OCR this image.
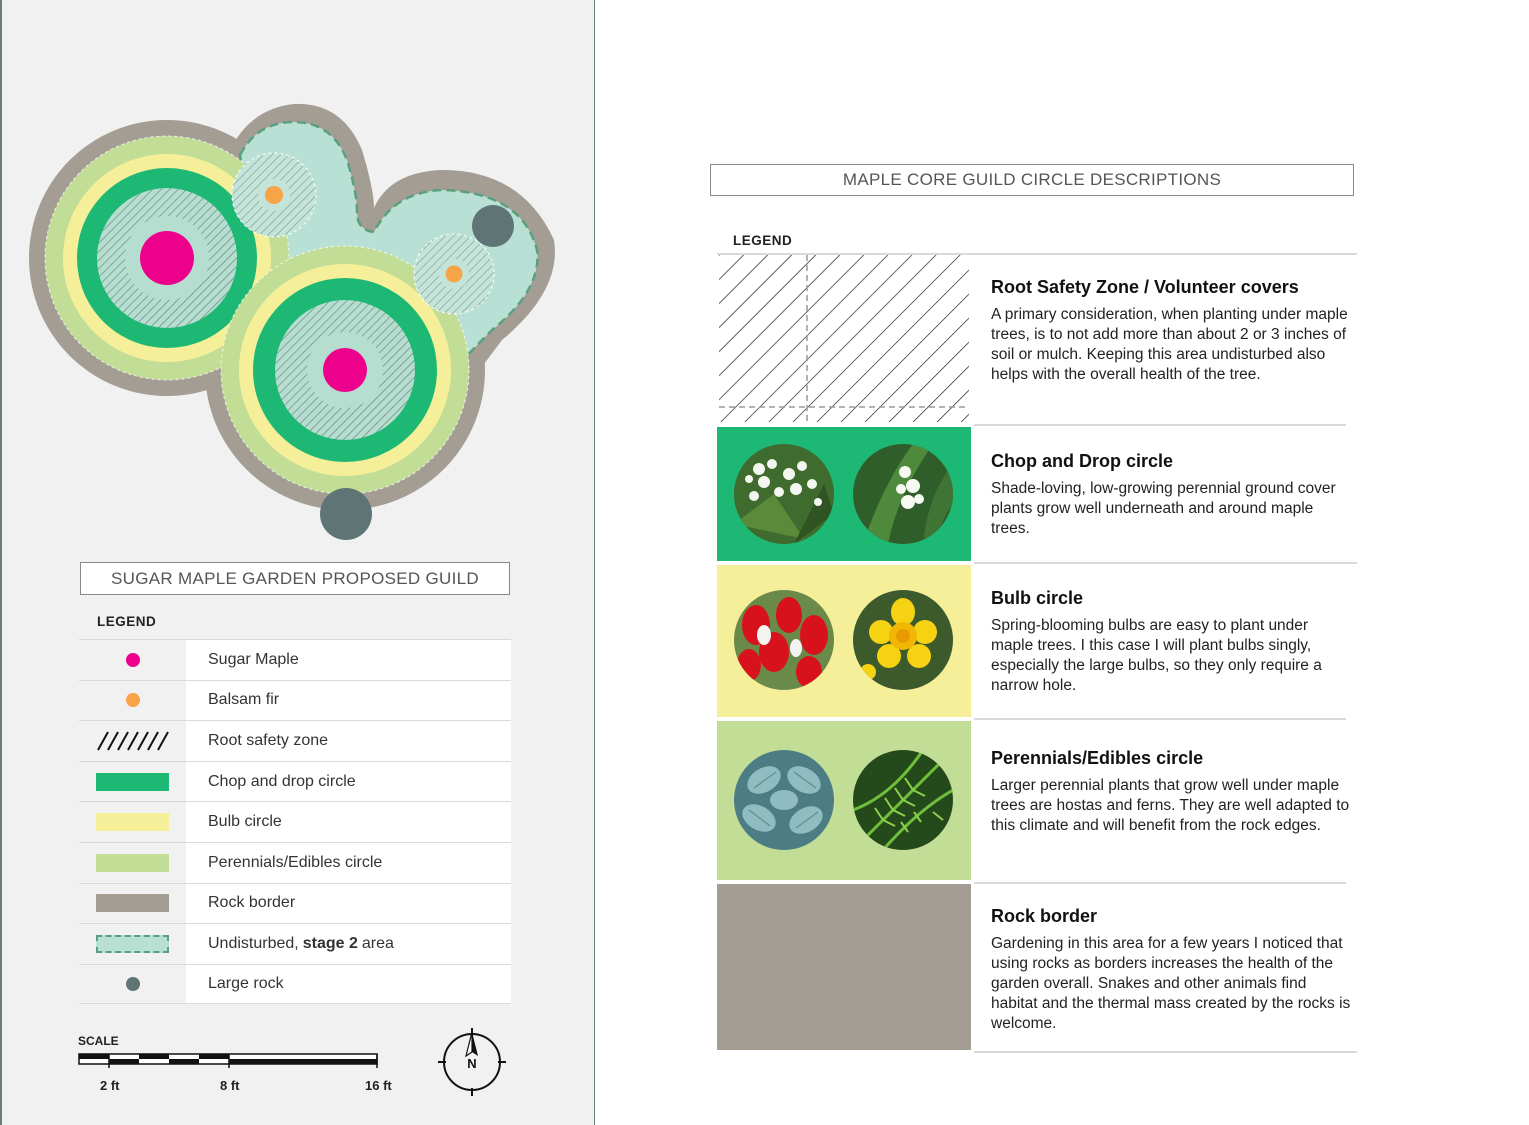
SUGAR MAPLE GARDEN PROPOSED GUILD
LEGEND
Sugar Maple
Balsam fir
Root safety zone
Chop and drop circle
Bulb circle
Perennials/Edibles circle
Rock border
Undisturbed, stage 2 area
Large rock
SCALE
2 ft	8 ft	16 ft
N
MAPLE CORE GUILD CIRCLE DESCRIPTIONS
LEGEND
Root Safety Zone / Volunteer covers
A primary consideration, when planting under maple trees, is to not add more than about 2 or 3 inches of soil or mulch. Keeping this area undisturbed also helps with the overall health of the tree.
Chop and Drop circle
Shade-loving, low-growing perennial ground cover plants grow well underneath and around maple trees.
Bulb circle
Spring-blooming bulbs are easy to plant under maple trees. I this case I will plant bulbs singly, especially the large bulbs, so they only require a narrow hole.
Perennials/Edibles circle
Larger perennial plants that grow well under maple trees are hostas and ferns. They are well adapted to this climate and will benefit from the rock edges.
Rock border
Gardening in this area for a few years I noticed that using rocks as borders increases the health of the garden overall. Snakes and other animals find habitat and the thermal mass created by the rocks is welcome.
